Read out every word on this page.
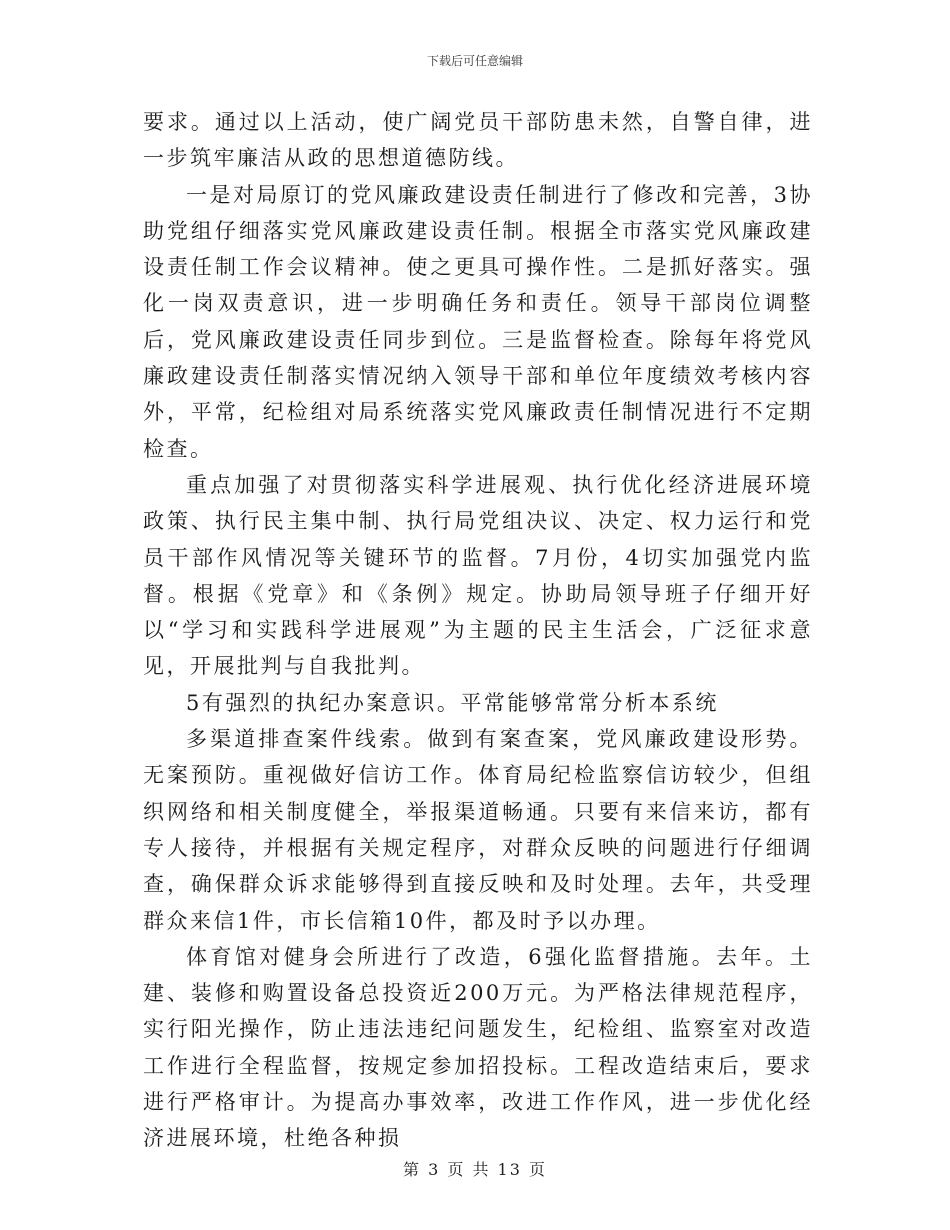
下载后可任意编辑

要求。通过以上活动，使广阔党员干部防患未然，自警自律，进一步筑牢廉洁从政的思想道德防线。

一是对局原订的党风廉政建设责任制进行了修改和完善，3协助党组仔细落实党风廉政建设责任制。根据全市落实党风廉政建设责任制工作会议精神。使之更具可操作性。二是抓好落实。强化一岗双责意识，进一步明确任务和责任。领导干部岗位调整后，党风廉政建设责任同步到位。三是监督检查。除每年将党风廉政建设责任制落实情况纳入领导干部和单位年度绩效考核内容外，平常，纪检组对局系统落实党风廉政责任制情况进行不定期检查。

重点加强了对贯彻落实科学进展观、执行优化经济进展环境政策、执行民主集中制、执行局党组决议、决定、权力运行和党员干部作风情况等关键环节的监督。7月份，4切实加强党内监督。根据《党章》和《条例》规定。协助局领导班子仔细开好以“学习和实践科学进展观”为主题的民主生活会，广泛征求意见，开展批判与自我批判。

5有强烈的执纪办案意识。平常能够常常分析本系统

多渠道排查案件线索。做到有案查案，党风廉政建设形势。无案预防。重视做好信访工作。体育局纪检监察信访较少，但组织网络和相关制度健全，举报渠道畅通。只要有来信来访，都有专人接待，并根据有关规定程序，对群众反映的问题进行仔细调查，确保群众诉求能够得到直接反映和及时处理。去年，共受理群众来信1件，市长信箱10件，都及时予以办理。

体育馆对健身会所进行了改造，6强化监督措施。去年。土建、装修和购置设备总投资近200万元。为严格法律规范程序，实行阳光操作，防止违法违纪问题发生，纪检组、监察室对改造工作进行全程监督，按规定参加招投标。工程改造结束后，要求进行严格审计。为提高办事效率，改进工作作风，进一步优化经济进展环境，杜绝各种损

第 3 页 共 13 页
